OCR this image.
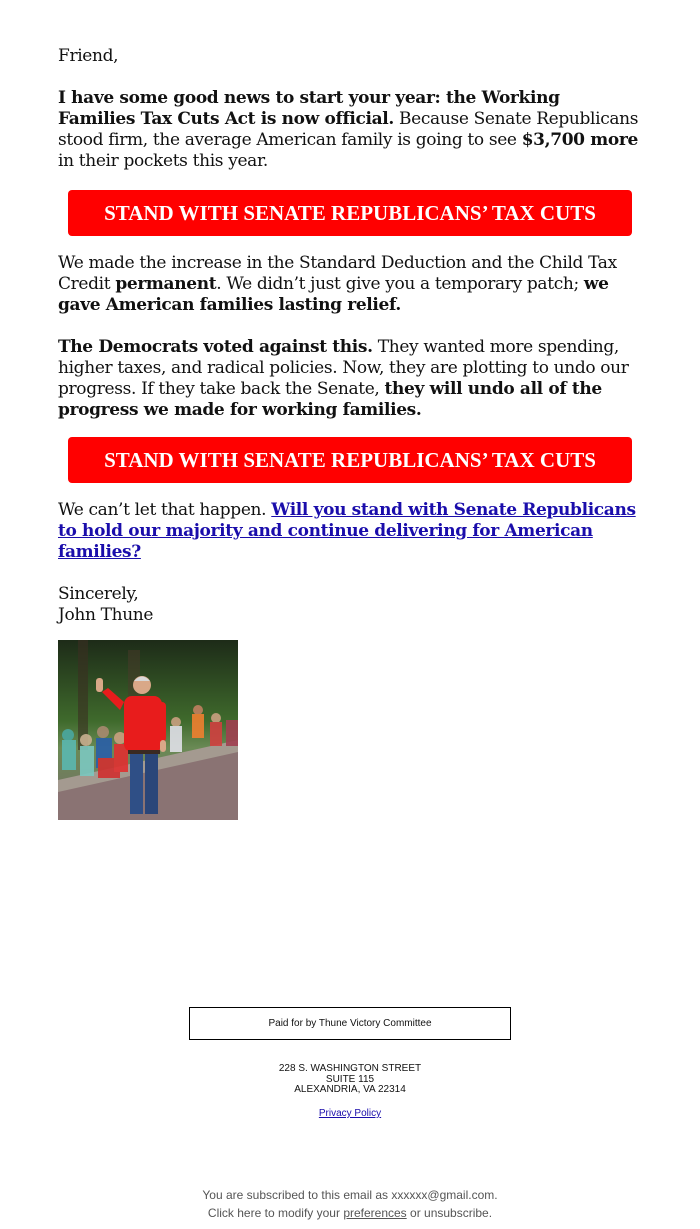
Friend,

I have some good news to start your year: the Working Families Tax Cuts Act is now official. Because Senate Republicans stood firm, the average American family is going to see $3,700 more in their pockets this year.

STAND WITH SENATE REPUBLICANS’ TAX CUTS

We made the increase in the Standard Deduction and the Child Tax Credit permanent. We didn’t just give you a temporary patch; we gave American families lasting relief.

The Democrats voted against this. They wanted more spending, higher taxes, and radical policies. Now, they are plotting to undo our progress. If they take back the Senate, they will undo all of the progress we made for working families.

STAND WITH SENATE REPUBLICANS’ TAX CUTS

We can’t let that happen. Will you stand with Senate Republicans to hold our majority and continue delivering for American families?

Sincerely,

John Thune

Paid for by Thune Victory Committee
228 S. WASHINGTON STREET
SUITE 115
ALEXANDRIA, VA 22314
Privacy Policy
You are subscribed to this email as xxxxxx@gmail.com.
Click here to modify your preferences or unsubscribe.
